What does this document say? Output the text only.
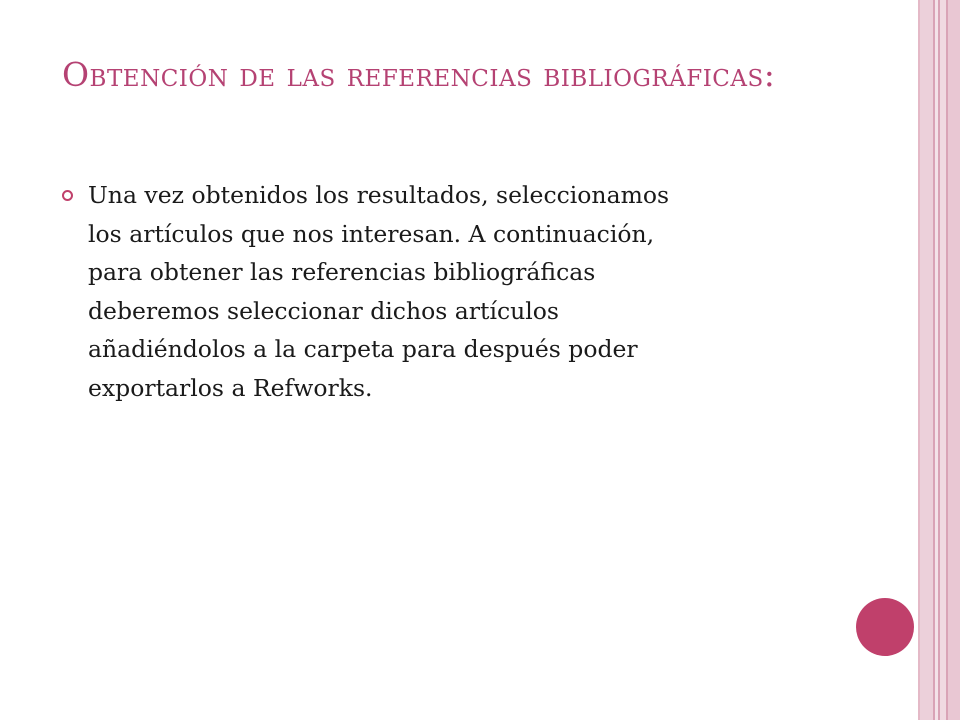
Obtención de las referencias bibliográficas:
Una vez obtenidos los resultados, seleccionamos
los artículos que nos interesan. A continuación,
para obtener las referencias bibliográficas
deberemos seleccionar dichos artículos
añadiéndolos a la carpeta para después poder
exportarlos a Refworks.
